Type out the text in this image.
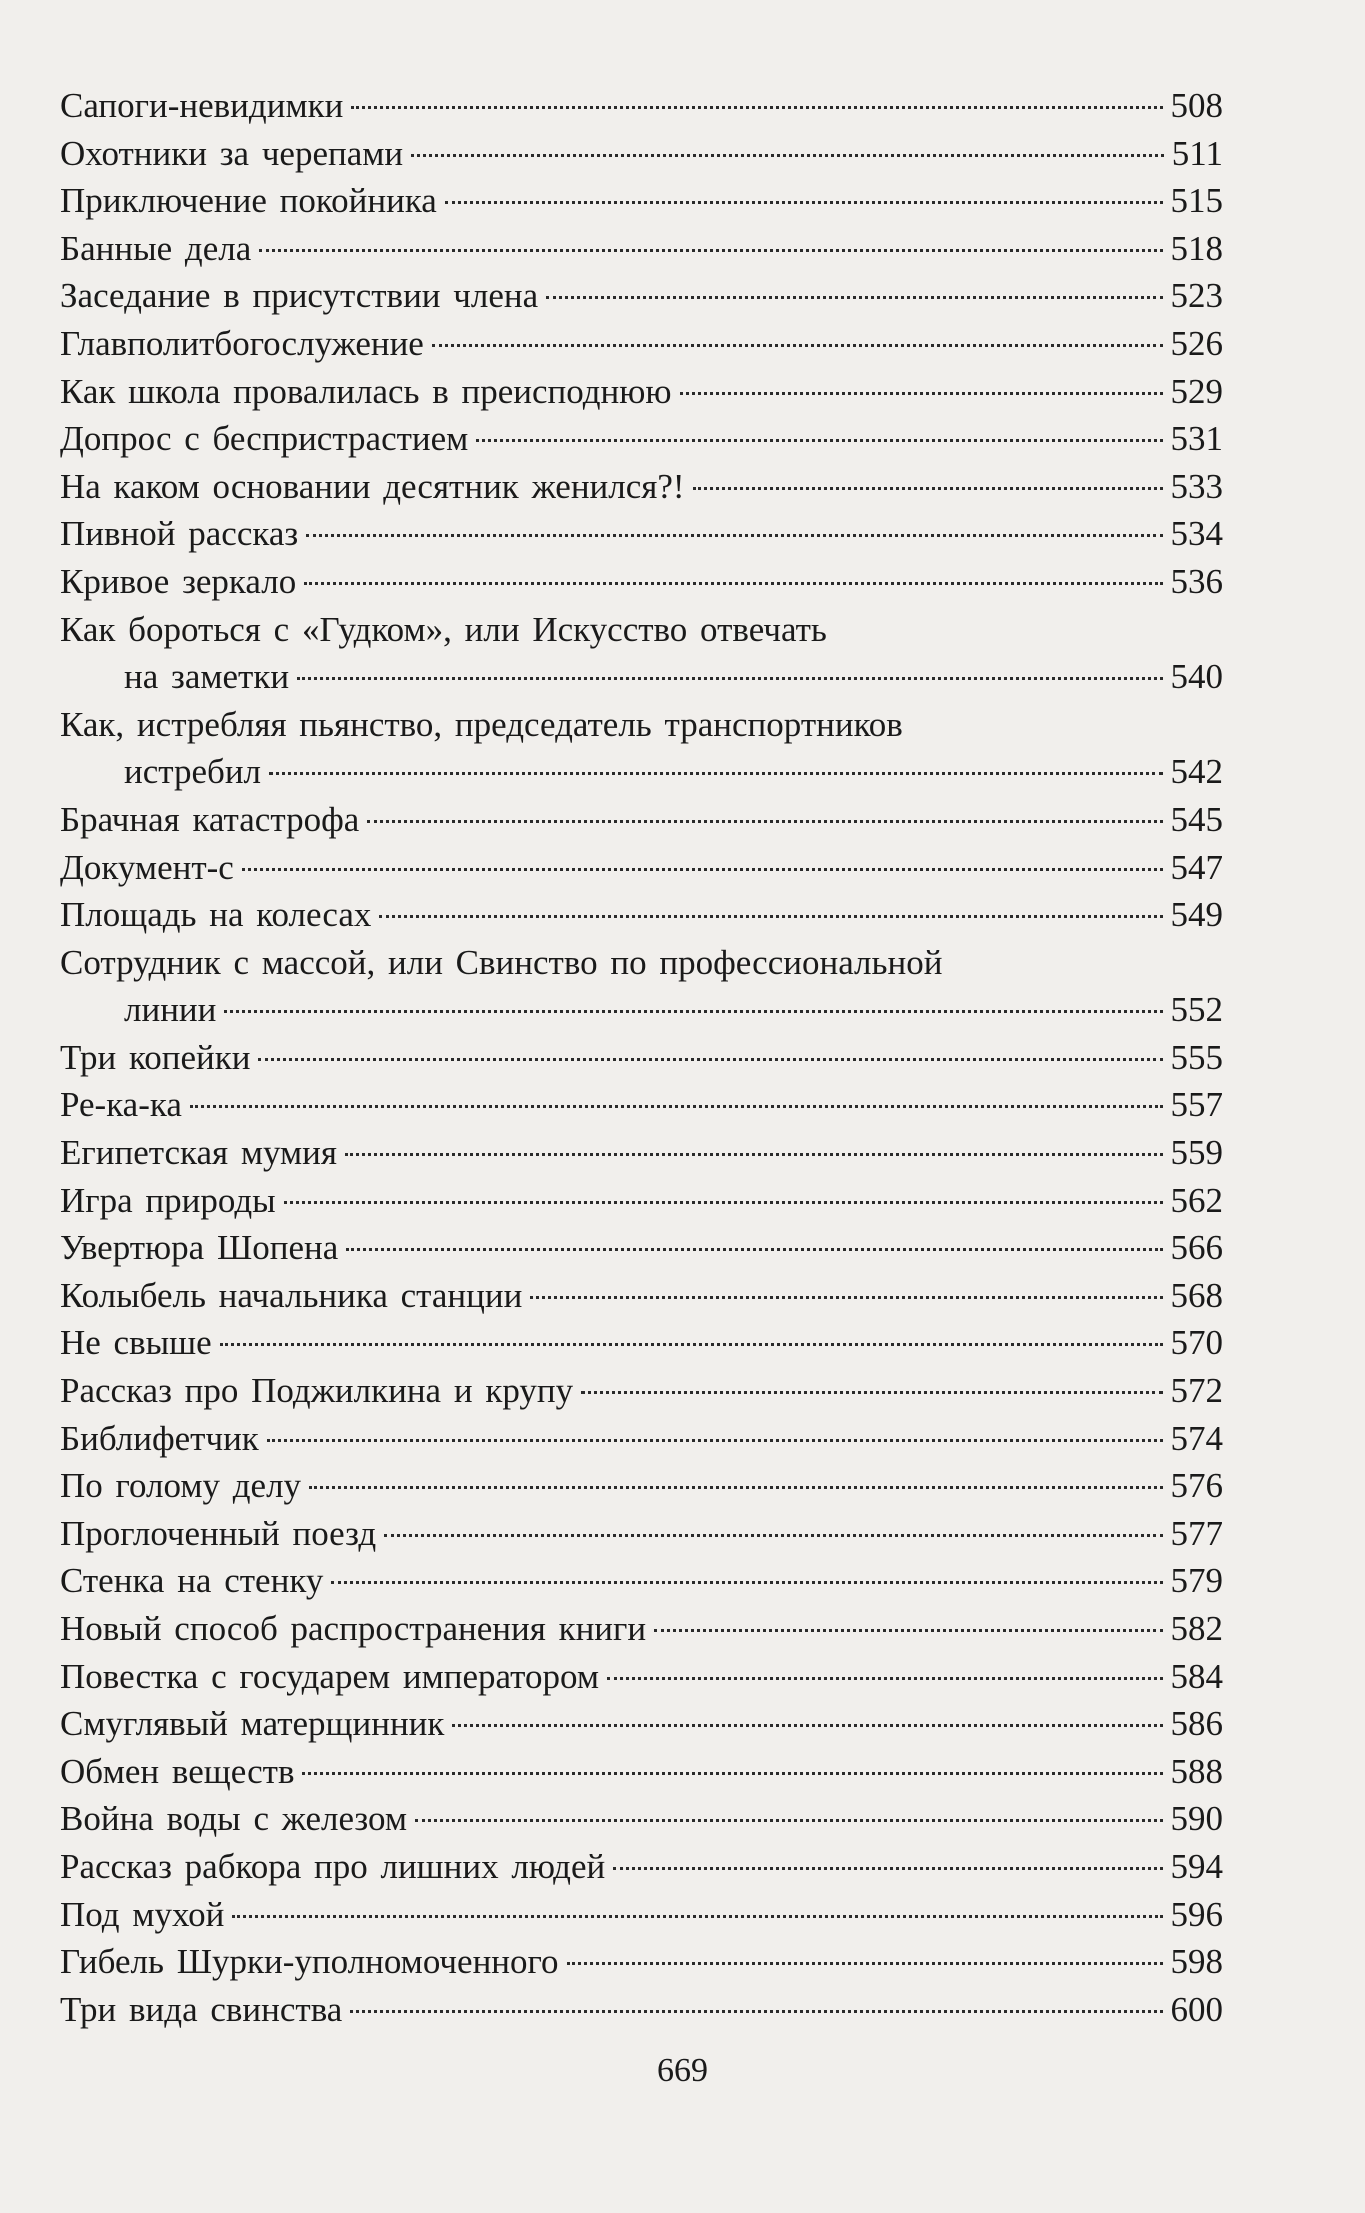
Сапоги-невидимки	508
Охотники за черепами	511
Приключение покойника	515
Банные дела	518
Заседание в присутствии члена	523
Главполитбогослужение	526
Как школа провалилась в преисподнюю	529
Допрос с беспристрастием	531
На каком основании десятник женился?!	533
Пивной рассказ	534
Кривое зеркало	536
Как бороться с «Гудком», или Искусство отвечать
на заметки	540
Как, истребляя пьянство, председатель транспортников
истребил	542
Брачная катастрофа	545
Документ-с	547
Площадь на колесах	549
Сотрудник с массой, или Свинство по профессиональной
линии	552
Три копейки	555
Ре-ка-ка	557
Египетская мумия	559
Игра природы	562
Увертюра Шопена	566
Колыбель начальника станции	568
Не свыше	570
Рассказ про Поджилкина и крупу	572
Библифетчик	574
По голому делу	576
Проглоченный поезд	577
Стенка на стенку	579
Новый способ распространения книги	582
Повестка с государем императором	584
Смуглявый матерщинник	586
Обмен веществ	588
Война воды с железом	590
Рассказ рабкора про лишних людей	594
Под мухой	596
Гибель Шурки-уполномоченного	598
Три вида свинства	600
669
